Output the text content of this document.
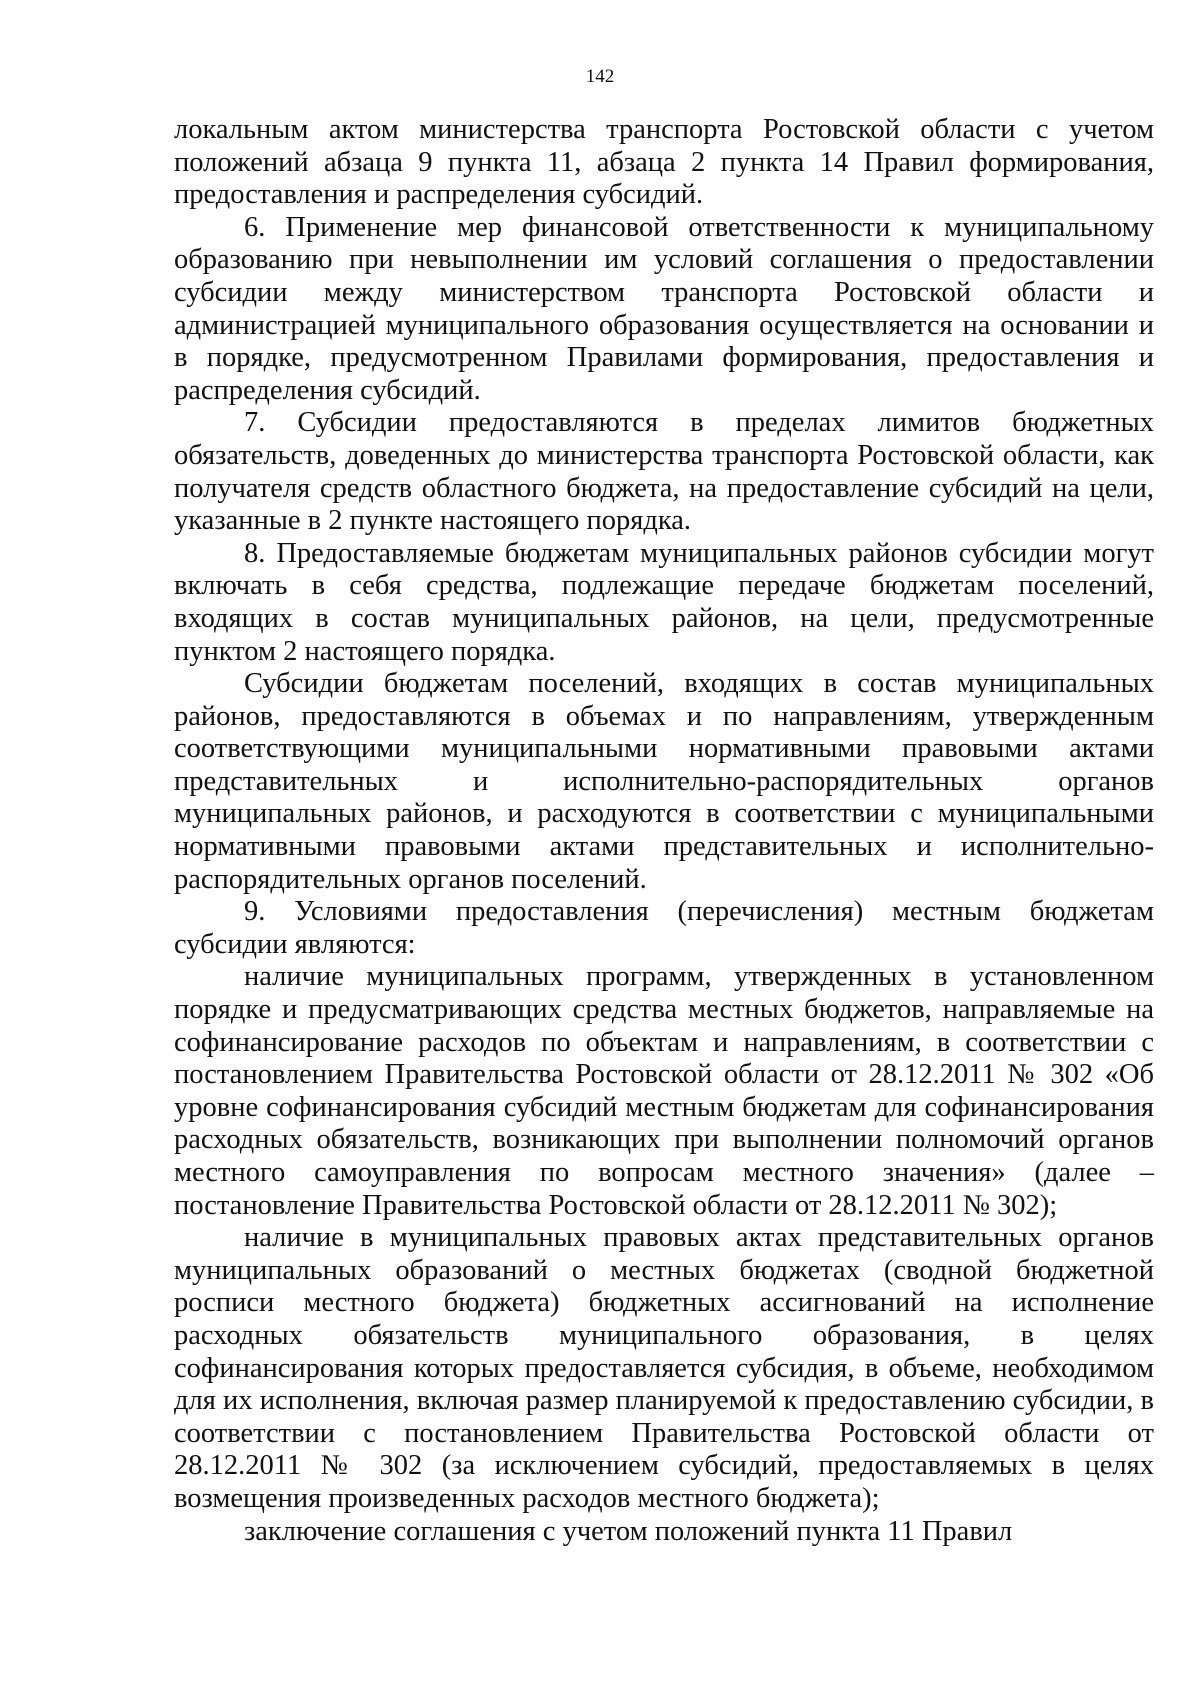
142

локальным актом министерства транспорта Ростовской области с учетом положений абзаца 9 пункта 11, абзаца 2 пункта 14 Правил формирования, предоставления и распределения субсидий.

6. Применение мер финансовой ответственности к муниципальному образованию при невыполнении им условий соглашения о предоставлении субсидии между министерством транспорта Ростовской области и администрацией муниципального образования осуществляется на основании и в порядке, предусмотренном Правилами формирования, предоставления и распределения субсидий.

7. Субсидии предоставляются в пределах лимитов бюджетных обязательств, доведенных до министерства транспорта Ростовской области, как получателя средств областного бюджета, на предоставление субсидий на цели, указанные в 2 пункте настоящего порядка.

8. Предоставляемые бюджетам муниципальных районов субсидии могут включать в себя средства, подлежащие передаче бюджетам поселений, входящих в состав муниципальных районов, на цели, предусмотренные пунктом 2 настоящего порядка.

Субсидии бюджетам поселений, входящих в состав муниципальных районов, предоставляются в объемах и по направлениям, утвержденным соответствующими муниципальными нормативными правовыми актами представительных и исполнительно-распорядительных органов муниципальных районов, и расходуются в соответствии с муниципальными нормативными правовыми актами представительных и исполнительно-распорядительных органов поселений.

9. Условиями предоставления (перечисления) местным бюджетам субсидии являются:

наличие муниципальных программ, утвержденных в установленном порядке и предусматривающих средства местных бюджетов, направляемые на софинансирование расходов по объектам и направлениям, в соответствии с постановлением Правительства Ростовской области от 28.12.2011 № 302 «Об уровне софинансирования субсидий местным бюджетам для софинансирования расходных обязательств, возникающих при выполнении полномочий органов местного самоуправления по вопросам местного значения» (далее – постановление Правительства Ростовской области от 28.12.2011 № 302);

наличие в муниципальных правовых актах представительных органов муниципальных образований о местных бюджетах (сводной бюджетной росписи местного бюджета) бюджетных ассигнований на исполнение расходных обязательств муниципального образования, в целях софинансирования которых предоставляется субсидия, в объеме, необходимом для их исполнения, включая размер планируемой к предоставлению субсидии, в соответствии с постановлением Правительства Ростовской области от 28.12.2011 № 302 (за исключением субсидий, предоставляемых в целях возмещения произведенных расходов местного бюджета);

заключение соглашения с учетом положений пункта 11 Правил
